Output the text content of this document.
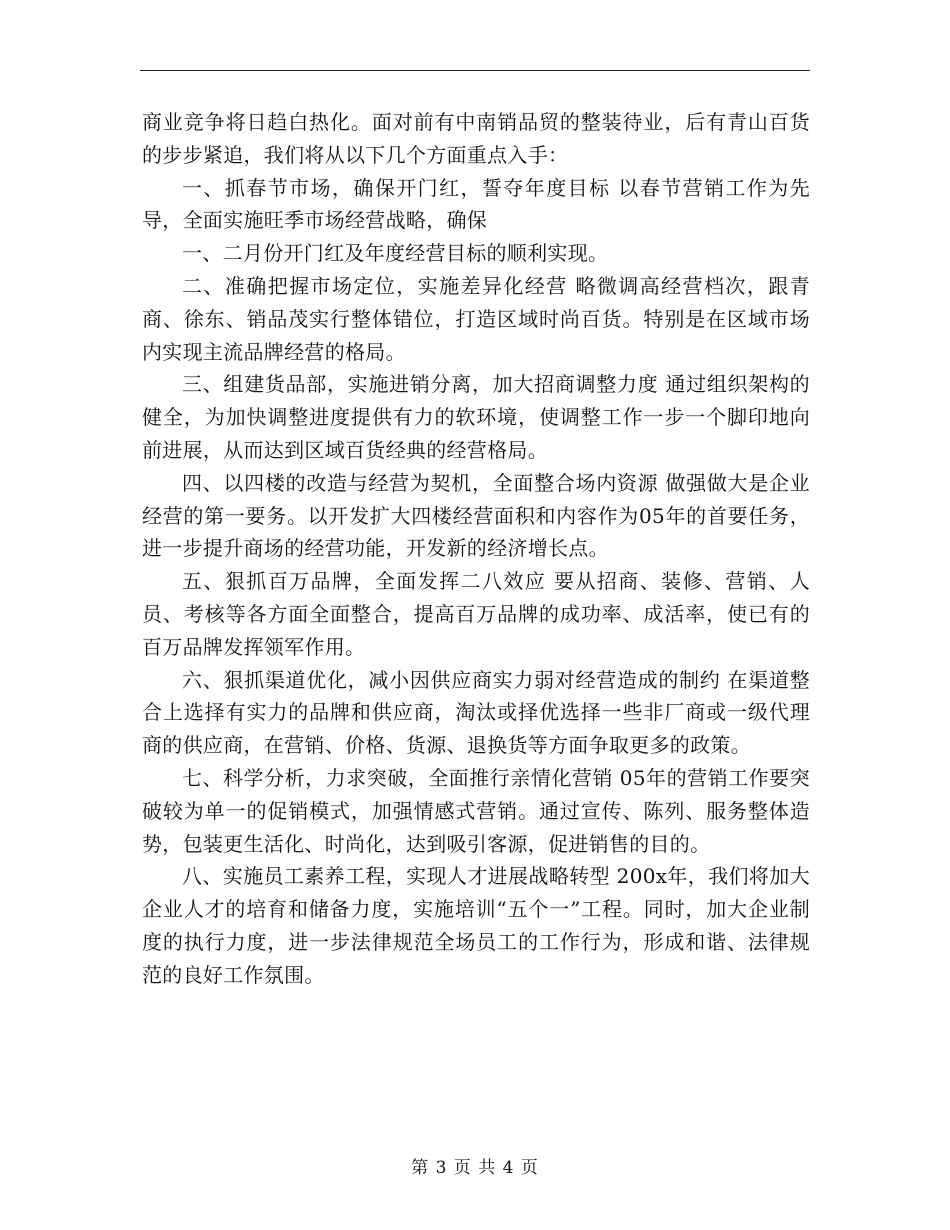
商业竞争将日趋白热化。面对前有中南销品贸的整装待业，后有青山百货的步步紧追，我们将从以下几个方面重点入手：

一、抓春节市场，确保开门红，誓夺年度目标 以春节营销工作为先导，全面实施旺季市场经营战略，确保

一、二月份开门红及年度经营目标的顺利实现。

二、准确把握市场定位，实施差异化经营 略微调高经营档次，跟青商、徐东、销品茂实行整体错位，打造区域时尚百货。特别是在区域市场内实现主流品牌经营的格局。

三、组建货品部，实施进销分离，加大招商调整力度 通过组织架构的健全，为加快调整进度提供有力的软环境，使调整工作一步一个脚印地向前进展，从而达到区域百货经典的经营格局。

四、以四楼的改造与经营为契机，全面整合场内资源 做强做大是企业经营的第一要务。以开发扩大四楼经营面积和内容作为05年的首要任务，进一步提升商场的经营功能，开发新的经济增长点。

五、狠抓百万品牌，全面发挥二八效应 要从招商、装修、营销、人员、考核等各方面全面整合，提高百万品牌的成功率、成活率，使已有的百万品牌发挥领军作用。

六、狠抓渠道优化，减小因供应商实力弱对经营造成的制约 在渠道整合上选择有实力的品牌和供应商，淘汰或择优选择一些非厂商或一级代理商的供应商，在营销、价格、货源、退换货等方面争取更多的政策。

七、科学分析，力求突破，全面推行亲情化营销 05年的营销工作要突破较为单一的促销模式，加强情感式营销。通过宣传、陈列、服务整体造势，包装更生活化、时尚化，达到吸引客源，促进销售的目的。

八、实施员工素养工程，实现人才进展战略转型 200x年，我们将加大企业人才的培育和储备力度，实施培训“五个一”工程。同时，加大企业制度的执行力度，进一步法律规范全场员工的工作行为，形成和谐、法律规范的良好工作氛围。

第 3 页 共 4 页
